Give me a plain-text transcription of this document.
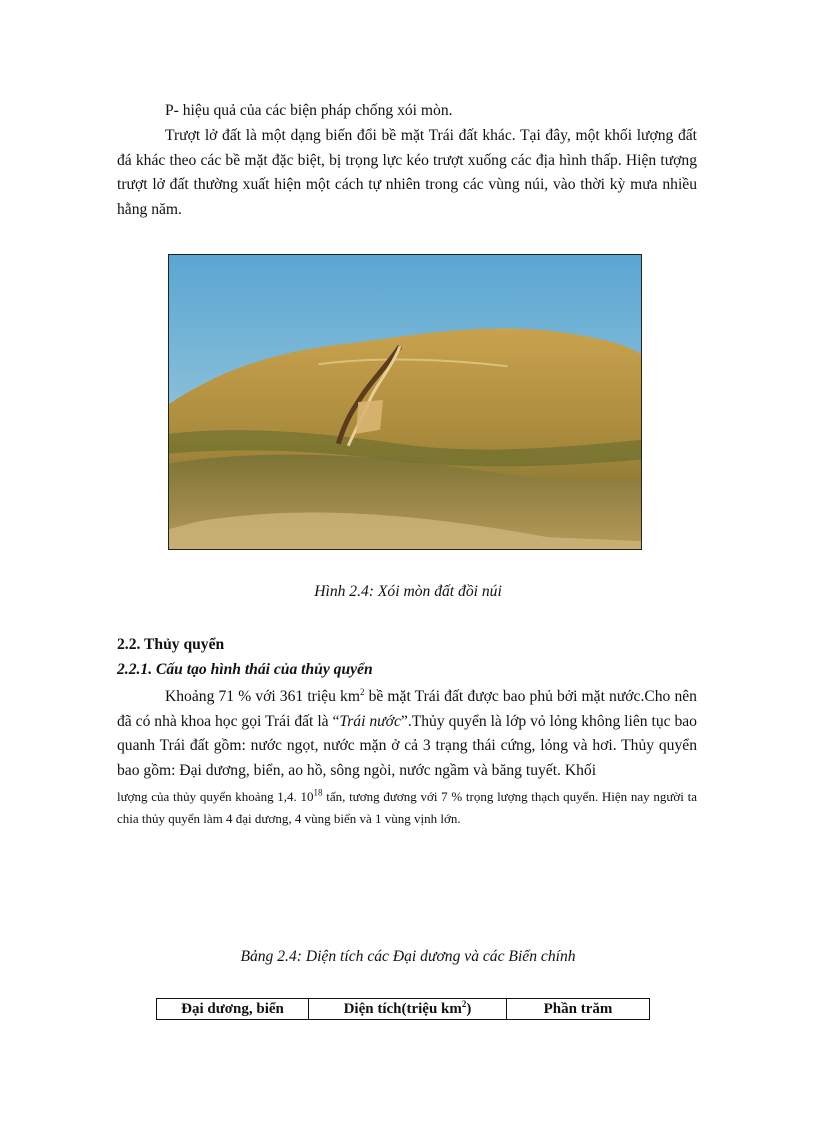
P- hiệu quả của các biện pháp chống xói mòn.

Trượt lở đất là một dạng biến đổi bề mặt Trái đất khác. Tại đây, một khối lượng đất đá khác theo các bề mặt đặc biệt, bị trọng lực kéo trượt xuống các địa hình thấp. Hiện tượng trượt lở đất thường xuất hiện một cách tự nhiên trong các vùng núi, vào thời kỳ mưa nhiều hằng năm.

Hình 2.4: Xói mòn đất đồi núi
2.2. Thủy quyển
2.2.1. Cấu tạo hình thái của thủy quyển

Khoảng 71 % với 361 triệu $km^2$ bề mặt Trái đất được bao phủ bởi mặt nước.Cho nên đã có nhà khoa học gọi Trái đất là “Trái nước”.Thủy quyển là lớp vỏ lỏng không liên tục bao quanh Trái đất gồm: nước ngọt, nước mặn ở cả 3 trạng thái cứng, lỏng và hơi. Thủy quyển bao gồm: Đại dương, biển, ao hồ, sông ngòi, nước ngầm và băng tuyết. Khối

lượng của thủy quyển khoảng 1,4. $10^{18}$ tấn, tương đương với 7 % trọng lượng thạch quyển. Hiện nay người ta chia thủy quyển làm 4 đại dương, 4 vùng biển và 1 vùng vịnh lớn.

Bảng 2.4: Diện tích các Đại dương và các Biển chính
Đại dương, biển	Diện tích(triệu $km^2$)	Phần trăm
